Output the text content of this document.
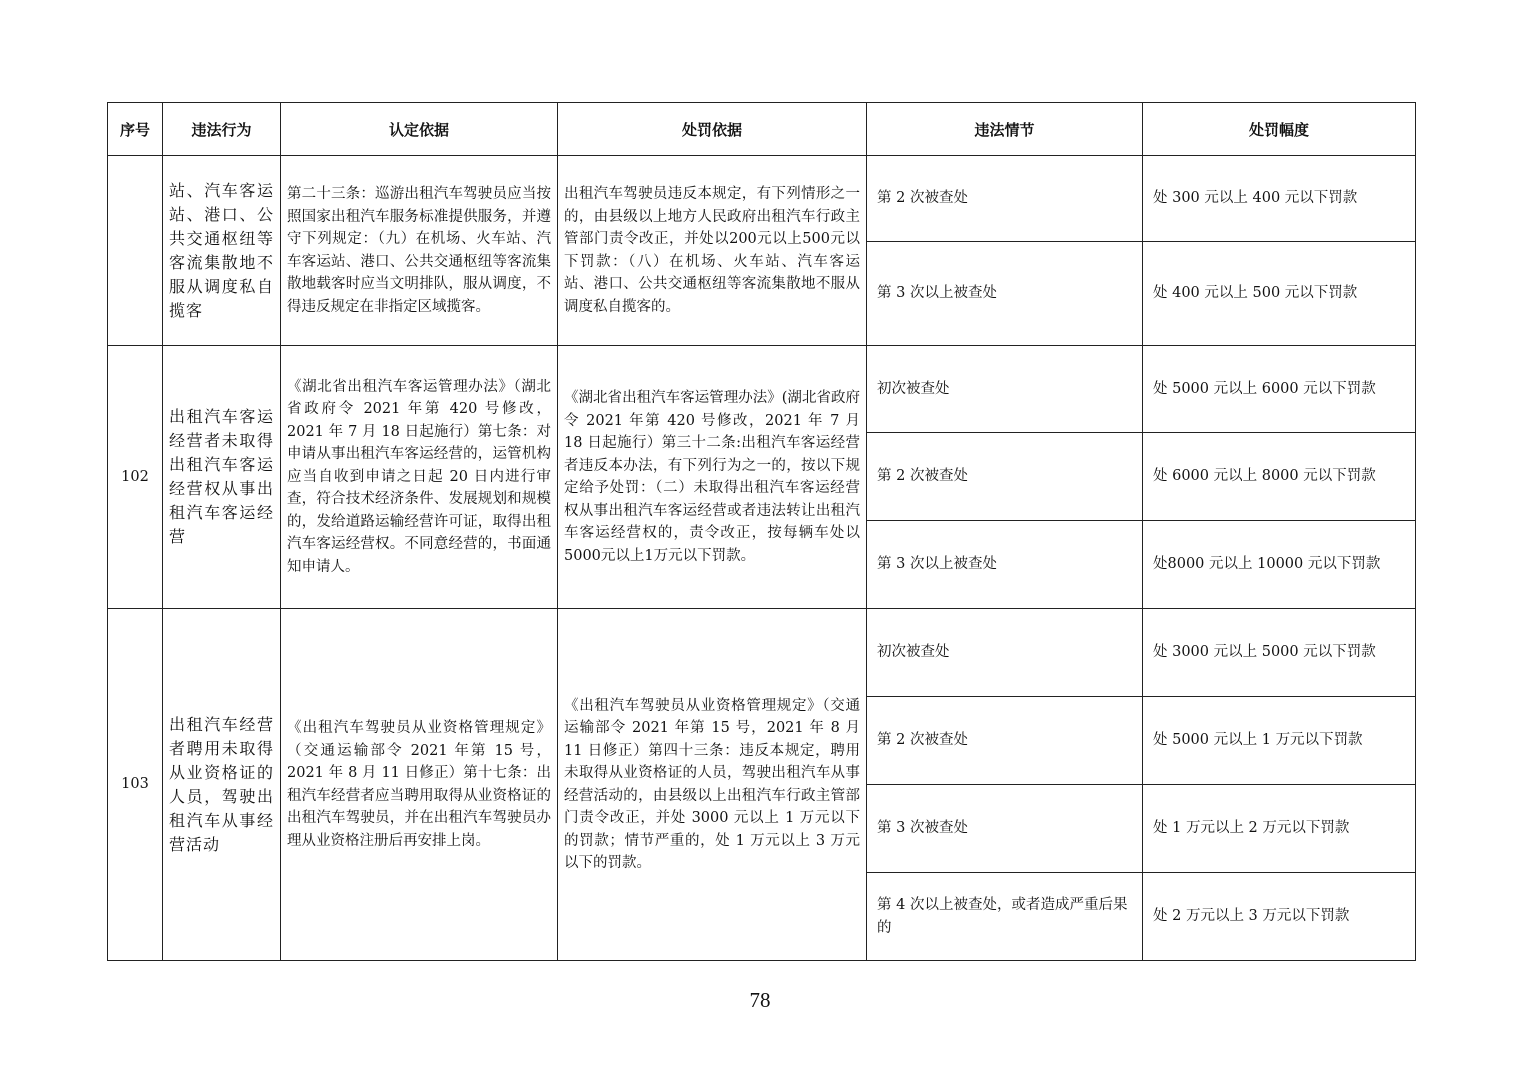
序号	违法行为	认定依据	处罚依据	违法情节	处罚幅度
	站、汽车客运站、港口、公共交通枢纽等客流集散地不服从调度私自揽客	第二十三条：巡游出租汽车驾驶员应当按照国家出租汽车服务标准提供服务，并遵守下列规定：（九）在机场、火车站、汽车客运站、港口、公共交通枢纽等客流集散地载客时应当文明排队，服从调度，不得违反规定在非指定区域揽客。	出租汽车驾驶员违反本规定，有下列情形之一的，由县级以上地方人民政府出租汽车行政主管部门责令改正，并处以200元以上500元以下罚款：（八）在机场、火车站、汽车客运站、港口、公共交通枢纽等客流集散地不服从调度私自揽客的。	第 2 次被查处	处 300 元以上 400 元以下罚款
				第 3 次以上被查处	处 400 元以上 500 元以下罚款
102	出租汽车客运经营者未取得出租汽车客运经营权从事出租汽车客运经营	《湖北省出租汽车客运管理办法》（湖北省政府令 2021 年第 420 号修改，2021 年 7 月 18 日起施行）第七条：对申请从事出租汽车客运经营的，运管机构应当自收到申请之日起 20 日内进行审查，符合技术经济条件、发展规划和规模的，发给道路运输经营许可证，取得出租汽车客运经营权。不同意经营的，书面通知申请人。	《湖北省出租汽车客运管理办法》(湖北省政府令 2021 年第 420 号修改，2021 年 7 月 18 日起施行）第三十二条:出租汽车客运经营者违反本办法，有下列行为之一的，按以下规定给予处罚：（二）未取得出租汽车客运经营权从事出租汽车客运经营或者违法转让出租汽车客运经营权的，责令改正，按每辆车处以5000元以上1万元以下罚款。	初次被查处	处 5000 元以上 6000 元以下罚款
				第 2 次被查处	处 6000 元以上 8000 元以下罚款
				第 3 次以上被查处	处8000 元以上 10000 元以下罚款
103	出租汽车经营者聘用未取得从业资格证的人员，驾驶出租汽车从事经营活动	《出租汽车驾驶员从业资格管理规定》（交通运输部令 2021 年第 15 号，2021 年 8 月 11 日修正）第十七条：出租汽车经营者应当聘用取得从业资格证的出租汽车驾驶员，并在出租汽车驾驶员办理从业资格注册后再安排上岗。	《出租汽车驾驶员从业资格管理规定》（交通运输部令 2021 年第 15 号，2021 年 8 月 11 日修正）第四十三条：违反本规定，聘用未取得从业资格证的人员，驾驶出租汽车从事经营活动的，由县级以上出租汽车行政主管部门责令改正，并处 3000 元以上 1 万元以下的罚款；情节严重的，处 1 万元以上 3 万元以下的罚款。	初次被查处	处 3000 元以上 5000 元以下罚款
				第 2 次被查处	处 5000 元以上 1 万元以下罚款
				第 3 次被查处	处 1 万元以上 2 万元以下罚款
				第 4 次以上被查处，或者造成严重后果的	处 2 万元以上 3 万元以下罚款
78
